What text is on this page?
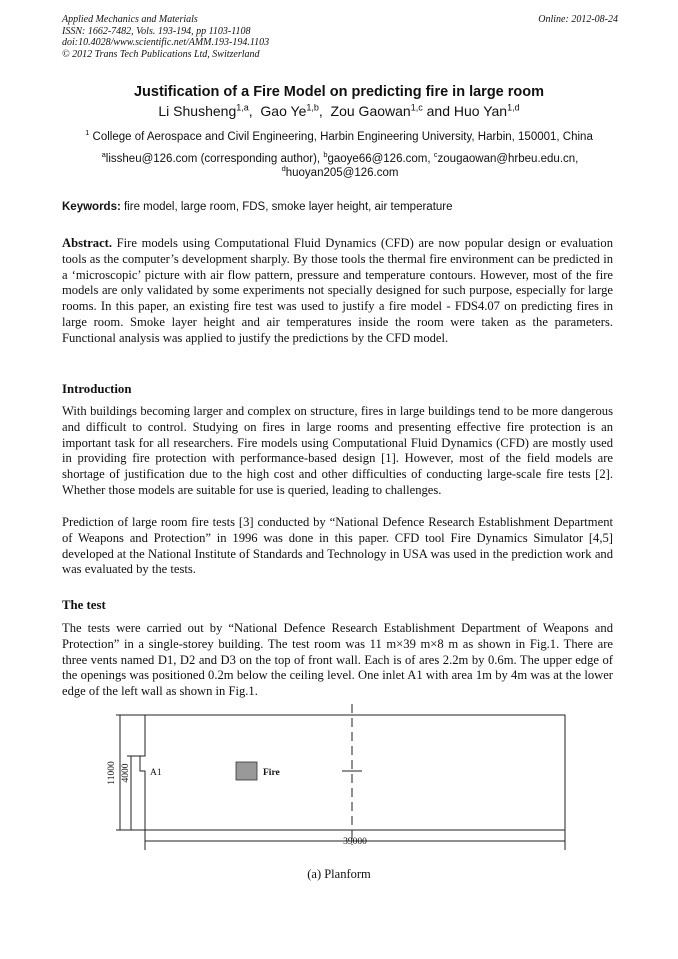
Applied Mechanics and Materials
ISSN: 1662-7482, Vols. 193-194, pp 1103-1108
doi:10.4028/www.scientific.net/AMM.193-194.1103
© 2012 Trans Tech Publications Ltd, Switzerland
Online: 2012-08-24
Justification of a Fire Model on predicting fire in large room
Li Shusheng$^{1,a}$,  Gao Ye$^{1,b}$,  Zou Gaowan$^{1,c}$ and Huo Yan$^{1,d}$
$^1$ College of Aerospace and Civil Engineering, Harbin Engineering University, Harbin, 150001, China
$^a$lissheu@126.com (corresponding author), $^b$gaoye66@126.com, $^c$zougaowan@hrbeu.edu.cn,
$^d$huoyan205@126.com
Keywords: fire model, large room, FDS, smoke layer height, air temperature
Abstract. Fire models using Computational Fluid Dynamics (CFD) are now popular design or evaluation tools as the computer’s development sharply. By those tools the thermal fire environment can be predicted in a ‘microscopic’ picture with air flow pattern, pressure and temperature contours. However, most of the fire models are only validated by some experiments not specially designed for such purpose, especially for large rooms. In this paper, an existing fire test was used to justify a fire model - FDS4.07 on predicting fires in large room. Smoke layer height and air temperatures inside the room were taken as the parameters. Functional analysis was applied to justify the predictions by the CFD model.
Introduction
With buildings becoming larger and complex on structure, fires in large buildings tend to be more dangerous and difficult to control. Studying on fires in large rooms and presenting effective fire protection is an important task for all researchers. Fire models using Computational Fluid Dynamics (CFD) are mostly used in providing fire protection with performance-based design [1]. However, most of the field models are shortage of justification due to the high cost and other difficulties of conducting large-scale fire tests [2]. Whether those models are suitable for use is queried, leading to challenges.
Prediction of large room fire tests [3] conducted by “National Defence Research Establishment Department of Weapons and Protection” in 1996 was done in this paper. CFD tool Fire Dynamics Simulator [4,5] developed at the National Institute of Standards and Technology in USA was used in the prediction work and was evaluated by the tests.
The test
The tests were carried out by “National Defence Research Establishment Department of Weapons and Protection” in a single-storey building. The test room was 11 m×39 m×8 m as shown in Fig.1. There are three vents named D1, D2 and D3 on the top of front wall. Each is of ares 2.2m by 0.6m. The upper edge of the openings was positioned 0.2m below the ceiling level. One inlet A1 with area 1m by 4m was at the lower edge of the left wall as shown in Fig.1.
11000 4000 A1	Fire
39000
(a) Planform
